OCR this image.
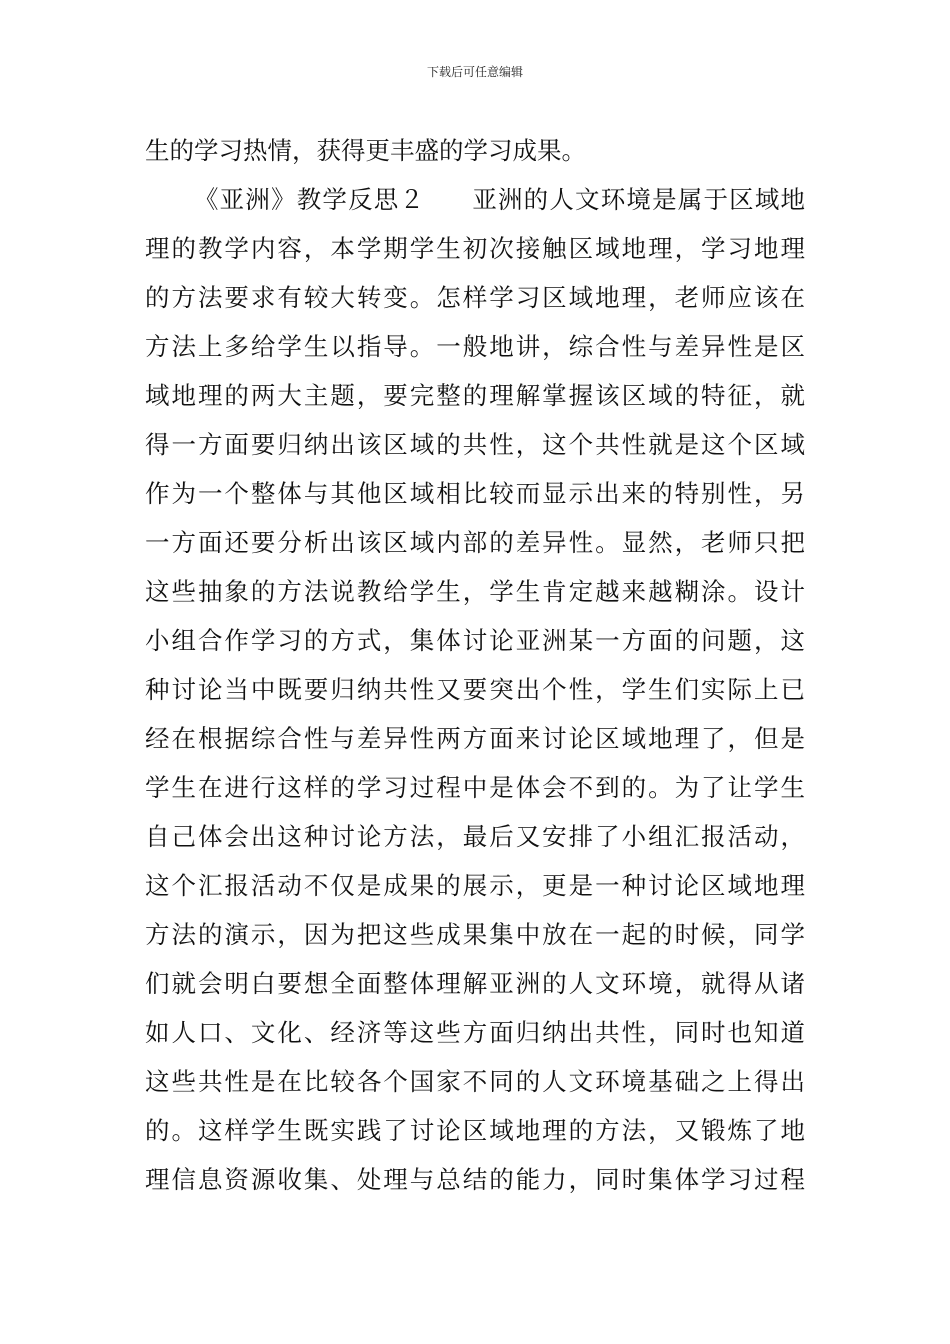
下载后可任意编辑
生的学习热情，获得更丰盛的学习成果。
《亚洲》教学反思２ 亚洲的人文环境是属于区域地
理的教学内容，本学期学生初次接触区域地理，学习地理
的方法要求有较大转变。怎样学习区域地理，老师应该在
方法上多给学生以指导。一般地讲，综合性与差异性是区
域地理的两大主题，要完整的理解掌握该区域的特征，就
得一方面要归纳出该区域的共性，这个共性就是这个区域
作为一个整体与其他区域相比较而显示出来的特别性，另
一方面还要分析出该区域内部的差异性。显然，老师只把
这些抽象的方法说教给学生，学生肯定越来越糊涂。设计
小组合作学习的方式，集体讨论亚洲某一方面的问题，这
种讨论当中既要归纳共性又要突出个性，学生们实际上已
经在根据综合性与差异性两方面来讨论区域地理了，但是
学生在进行这样的学习过程中是体会不到的。为了让学生
自己体会出这种讨论方法，最后又安排了小组汇报活动，
这个汇报活动不仅是成果的展示，更是一种讨论区域地理
方法的演示，因为把这些成果集中放在一起的时候，同学
们就会明白要想全面整体理解亚洲的人文环境，就得从诸
如人口、文化、经济等这些方面归纳出共性，同时也知道
这些共性是在比较各个国家不同的人文环境基础之上得出
的。这样学生既实践了讨论区域地理的方法，又锻炼了地
理信息资源收集、处理与总结的能力，同时集体学习过程
